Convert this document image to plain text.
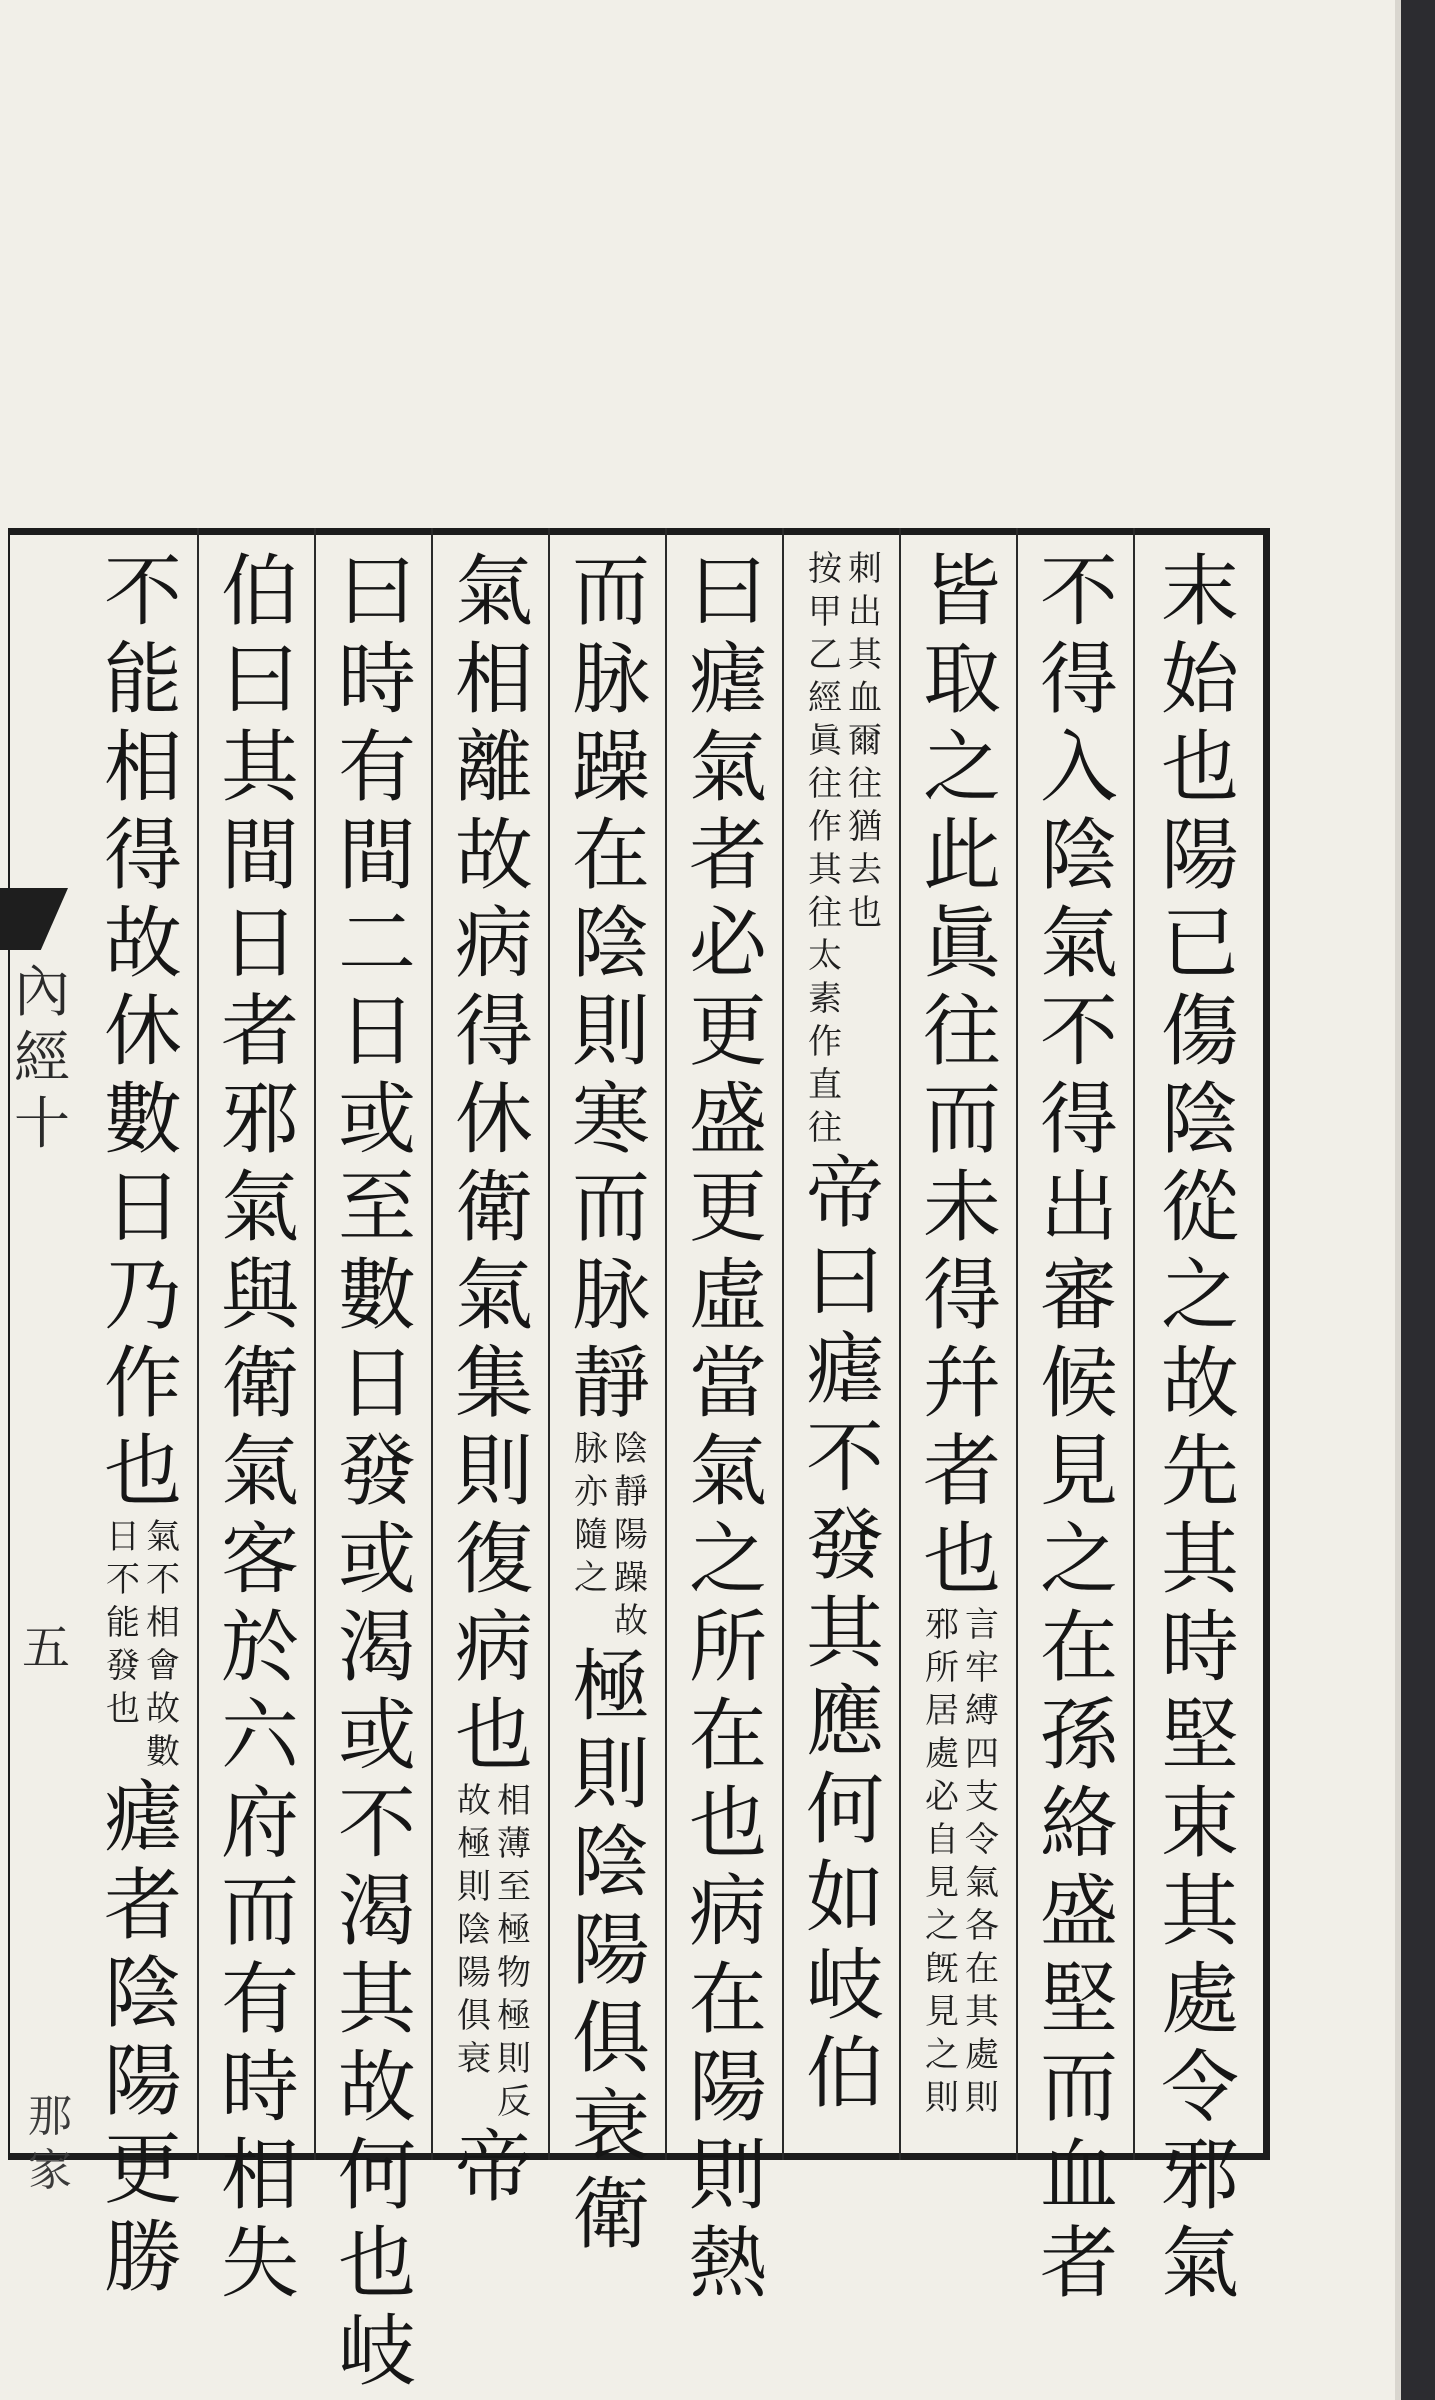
末
始
也
陽
已
傷
陰
從
之
故
先
其
時
堅
束
其
處
令
邪
氣
不
得
入
陰
氣
不
得
出
審
候
見
之
在
孫
絡
盛
堅
而
血
者
皆
取
之
此
眞
往
而
未
得
幷
者
也
言
牢
縛
四
支
令
氣
各
在
其
處
則
邪
所
居
處
必
自
見
之
旣
見
之
則
刺
出
其
血
爾
往
猶
去
也
按
甲
乙
經
眞
往
作
其
往
太
素
作
直
往
帝
曰
瘧
不
發
其
應
何
如
岐
伯
曰
瘧
氣
者
必
更
盛
更
虛
當
氣
之
所
在
也
病
在
陽
則
熱
而
脉
躁
在
陰
則
寒
而
脉
靜
陰
靜
陽
躁
故
脉
亦
隨
之
極
則
陰
陽
俱
衰
衛
氣
相
離
故
病
得
休
衛
氣
集
則
復
病
也
相
薄
至
極
物
極
則
反
故
極
則
陰
陽
俱
衰
帝
曰
時
有
間
二
日
或
至
數
日
發
或
渴
或
不
渴
其
故
何
也
岐
伯
曰
其
間
日
者
邪
氣
與
衛
氣
客
於
六
府
而
有
時
相
失
不
能
相
得
故
休
數
日
乃
作
也
氣
不
相
會
故
數
日
不
能
發
也
瘧
者
陰
陽
更
勝
內
經
十
五
那
家
